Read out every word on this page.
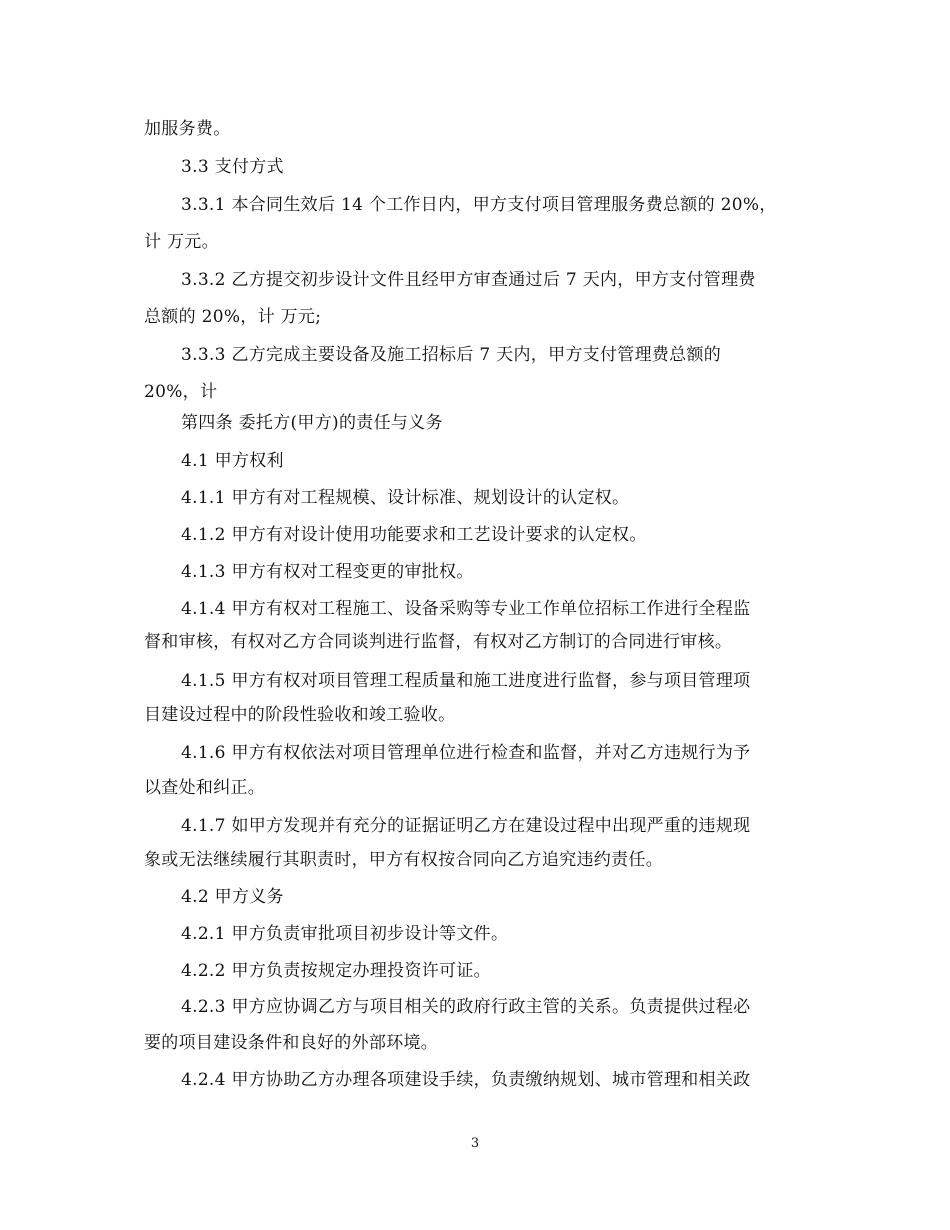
加服务费。
3.3 支付方式
3.3.1 本合同生效后 14 个工作日内，甲方支付项目管理服务费总额的 20%，
计 万元。
3.3.2 乙方提交初步设计文件且经甲方审查通过后 7 天内，甲方支付管理费
总额的 20%，计 万元;
3.3.3 乙方完成主要设备及施工招标后 7 天内，甲方支付管理费总额的
20%，计
第四条 委托方(甲方)的责任与义务
4.1 甲方权利
4.1.1 甲方有对工程规模、设计标准、规划设计的认定权。
4.1.2 甲方有对设计使用功能要求和工艺设计要求的认定权。
4.1.3 甲方有权对工程变更的审批权。
4.1.4 甲方有权对工程施工、设备采购等专业工作单位招标工作进行全程监
督和审核，有权对乙方合同谈判进行监督，有权对乙方制订的合同进行审核。
4.1.5 甲方有权对项目管理工程质量和施工进度进行监督，参与项目管理项
目建设过程中的阶段性验收和竣工验收。
4.1.6 甲方有权依法对项目管理单位进行检查和监督，并对乙方违规行为予
以查处和纠正。
4.1.7 如甲方发现并有充分的证据证明乙方在建设过程中出现严重的违规现
象或无法继续履行其职责时，甲方有权按合同向乙方追究违约责任。
4.2 甲方义务
4.2.1 甲方负责审批项目初步设计等文件。
4.2.2 甲方负责按规定办理投资许可证。
4.2.3 甲方应协调乙方与项目相关的政府行政主管的关系。负责提供过程必
要的项目建设条件和良好的外部环境。
4.2.4 甲方协助乙方办理各项建设手续，负责缴纳规划、城市管理和相关政
3
